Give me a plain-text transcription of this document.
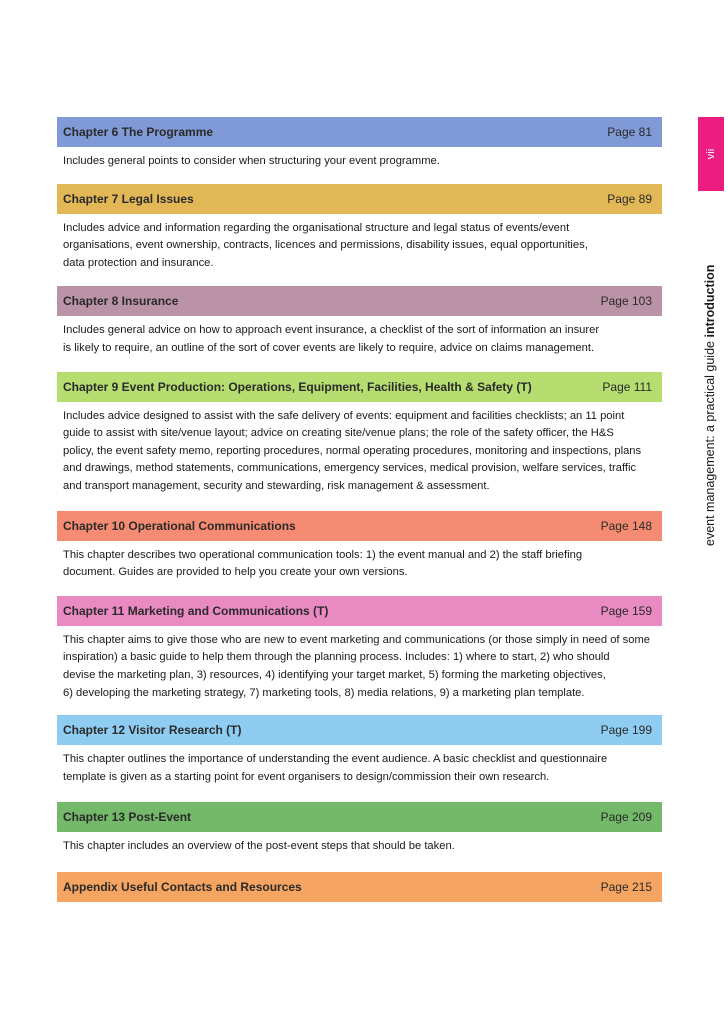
Chapter 6 The Programme	Page 81

Includes general points to consider when structuring your event programme.

Chapter 7 Legal Issues	Page 89

Includes advice and information regarding the organisational structure and legal status of events/event

organisations, event ownership, contracts, licences and permissions, disability issues, equal opportunities,

data protection and insurance.

Chapter 8 Insurance	Page 103

Includes general advice on how to approach event insurance, a checklist of the sort of information an insurer

is likely to require, an outline of the sort of cover events are likely to require, advice on claims management.

Chapter 9 Event Production: Operations, Equipment, Facilities, Health & Safety (T)	Page 111

Includes advice designed to assist with the safe delivery of events: equipment and facilities checklists; an 11 point

guide to assist with site/venue layout; advice on creating site/venue plans; the role of the safety officer, the H&S

policy, the event safety memo, reporting procedures, normal operating procedures, monitoring and inspections, plans

and drawings, method statements, communications, emergency services, medical provision, welfare services, traffic

and transport management, security and stewarding, risk management & assessment.

Chapter 10 Operational Communications	Page 148

This chapter describes two operational communication tools: 1) the event manual and 2) the staff briefing

document. Guides are provided to help you create your own versions.

Chapter 11 Marketing and Communications (T)	Page 159

This chapter aims to give those who are new to event marketing and communications (or those simply in need of some

inspiration) a basic guide to help them through the planning process. Includes: 1) where to start, 2) who should

devise the marketing plan, 3) resources, 4) identifying your target market, 5) forming the marketing objectives,

6) developing the marketing strategy, 7) marketing tools, 8) media relations, 9) a marketing plan template.

Chapter 12 Visitor Research (T)	Page 199

This chapter outlines the importance of understanding the event audience. A basic checklist and questionnaire

template is given as a starting point for event organisers to design/commission their own research.

Chapter 13 Post-Event	Page 209

This chapter includes an overview of the post-event steps that should be taken.

Appendix Useful Contacts and Resources	Page 215
vii
event management: a practical guide introduction
